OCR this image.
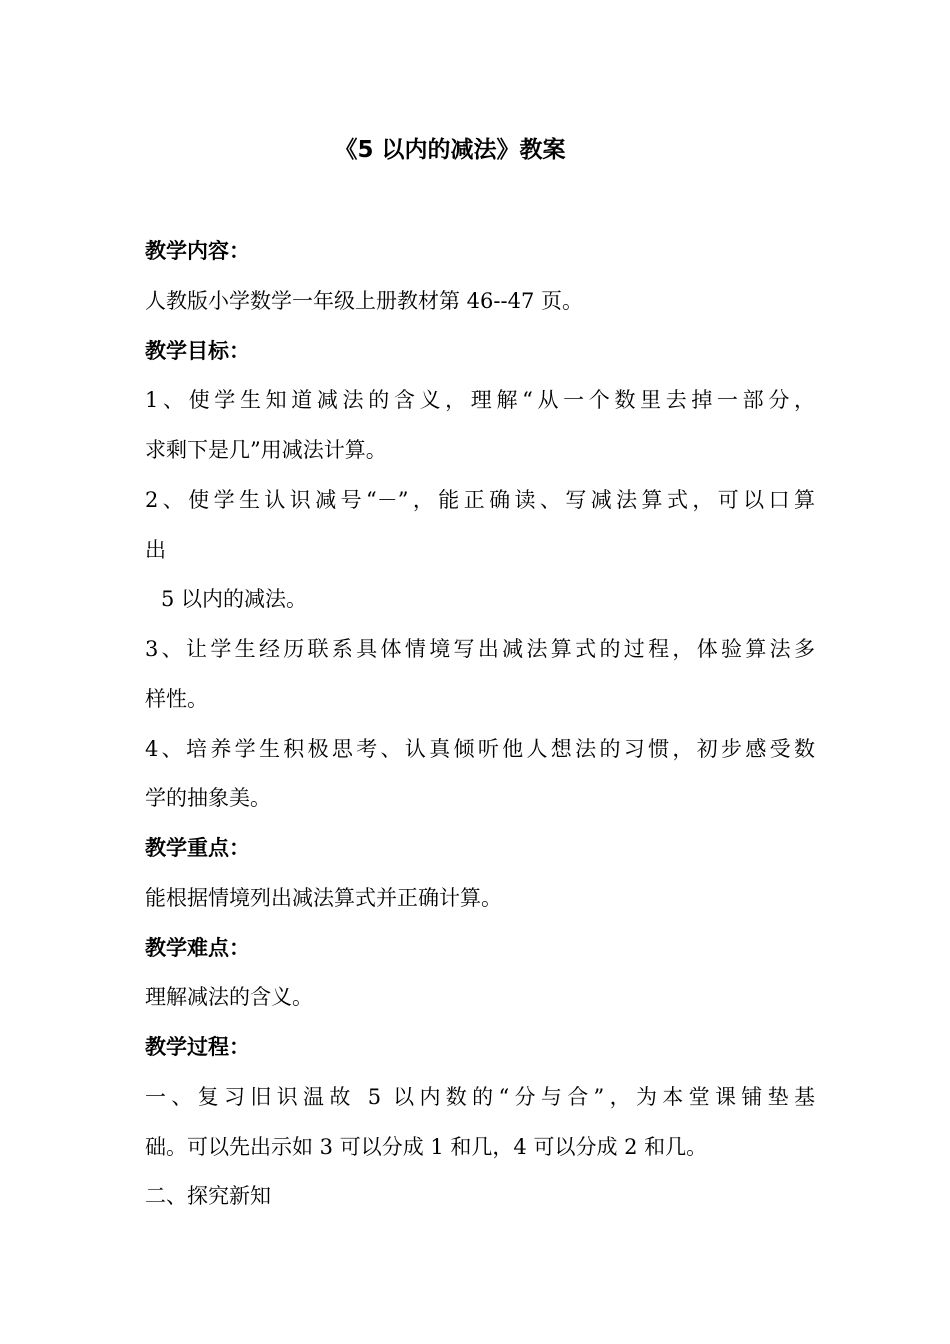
《5 以内的减法》教案
教学内容：
人教版小学数学一年级上册教材第 46--47 页。
教学目标：
1、使学生知道减法的含义，理解“从一个数里去掉一部分，
求剩下是几”用减法计算。
2、使学生认识减号“－”，能正确读、写减法算式，可以口算
出
5 以内的减法。
3、让学生经历联系具体情境写出减法算式的过程，体验算法多
样性。
4、培养学生积极思考、认真倾听他人想法的习惯，初步感受数
学的抽象美。
教学重点：
能根据情境列出减法算式并正确计算。
教学难点：
理解减法的含义。
教学过程：
一、复习旧识温故 5 以内数的“分与合”，为本堂课铺垫基
础。可以先出示如 3 可以分成 1 和几，4 可以分成 2 和几。
二、探究新知
